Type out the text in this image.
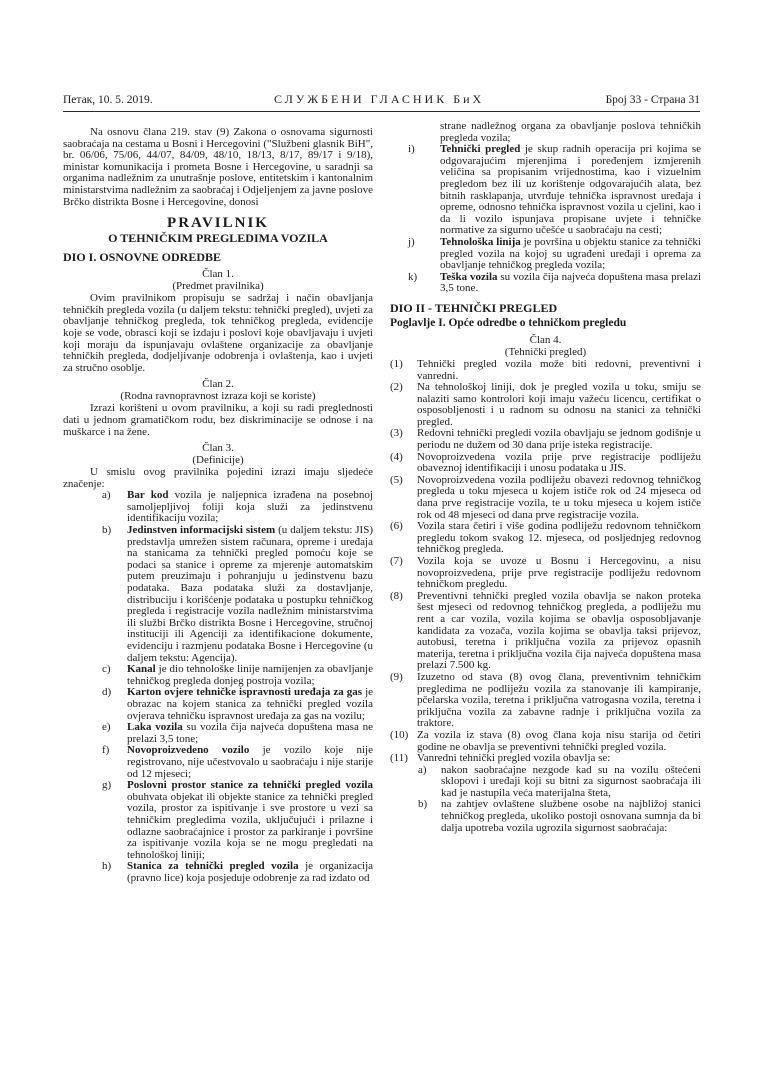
Петак, 10. 5. 2019.	СЛУЖБЕНИ ГЛАСНИК БиХ	Број 33 - Страна 31

Na osnovu člana 219. stav (9) Zakona o osnovama sigurnosti saobraćaja na cestama u Bosni i Hercegovini ("Službeni glasnik BiH", br. 06/06, 75/06, 44/07, 84/09, 48/10, 18/13, 8/17, 89/17 i 9/18), ministar komunikacija i prometa Bosne i Hercegovine, u saradnji sa organima nadležnim za unutrašnje poslove, entitetskim i kantonalnim ministarstvima nadležnim za saobraćaj i Odjeljenjem za javne poslove Brčko distrikta Bosne i Hercegovine, donosi

PRAVILNIK

O TEHNIČKIM PREGLEDIMA VOZILA

DIO I. OSNOVNE ODREDBE

Član 1.
(Predmet pravilnika)

Ovim pravilnikom propisuju se sadržaj i način obavljanja tehničkih pregleda vozila (u daljem tekstu: tehnički pregled), uvjeti za obavljanje tehničkog pregleda, tok tehničkog pregleda, evidencije koje se vode, obrasci koji se izdaju i poslovi koje obavljavaju i uvjeti koji moraju da ispunjavaju ovlaštene organizacije za obavljanje tehničkih pregleda, dodjeljivanje odobrenja i ovlaštenja, kao i uvjeti za stručno osoblje.

Član 2.
(Rodna ravnopravnost izraza koji se koriste)

Izrazi korišteni u ovom pravilniku, a koji su radi preglednosti dati u jednom gramatičkom rodu, bez diskriminacije se odnose i na muškarce i na žene.

Član 3.
(Definicije)

U smislu ovog pravilnika pojedini izrazi imaju sljedeće značenje:

a) Bar kod vozila je naljepnica izrađena na posebnoj samoljepljivoj foliji koja služi za jedinstvenu identifikaciju vozila;
b) Jedinstven informacijski sistem (u daljem tekstu: JIS) predstavlja umrežen sistem računara, opreme i uređaja na stanicama za tehnički pregled pomoću koje se podaci sa stanice i opreme za mjerenje automatskim putem preuzimaju i pohranjuju u jedinstvenu bazu podataka. Baza podataka služi za dostavljanje, distribuciju i korišćenje podataka u postupku tehničkog pregleda i registracije vozila nadležnim ministarstvima ili službi Brčko distrikta Bosne i Hercegovine, stručnoj instituciji ili Agenciji za identifikacione dokumente, evidenciju i razmjenu podataka Bosne i Hercegovine (u daljem tekstu: Agencija).
c) Kanal je dio tehnološke linije namijenjen za obavljanje tehničkog pregleda donjeg postroja vozila;
d) Karton ovjere tehničke ispravnosti uređaja za gas je obrazac na kojem stanica za tehnički pregled vozila ovjerava tehničku ispravnost uređaja za gas na vozilu;
e) Laka vozila su vozila čija najveća dopuštena masa ne prelazi 3,5 tone;
f) Novoproizvedeno vozilo je vozilo koje nije registrovano, nije učestvovalo u saobraćaju i nije starije od 12 mjeseci;
g) Poslovni prostor stanice za tehnički pregled vozila obuhvata objekat ili objekte stanice za tehnički pregled vozila, prostor za ispitivanje i sve prostore u vezi sa tehničkim pregledima vozila, uključujući i prilazne i odlazne saobraćajnice i prostor za parkiranje i površine za ispitivanje vozila koja se ne mogu pregledati na tehnološkoj liniji;
h) Stanica za tehnički pregled vozila je organizacija (pravno lice) koja posjeduje odobrenje za rad izdato od

strane nadležnog organa za obavljanje poslova tehničkih pregleda vozila;

i) Tehnički pregled je skup radnih operacija pri kojima se odgovarajućim mjerenjima i poređenjem izmjerenih veličina sa propisanim vrijednostima, kao i vizuelnim pregledom bez ili uz korištenje odgovarajućih alata, bez bitnih rasklapanja, utvrđuje tehnička ispravnost uređaja i opreme, odnosno tehnička ispravnost vozila u cjelini, kao i da li vozilo ispunjava propisane uvjete i tehničke normative za sigurno učešće u saobraćaju na cesti;
j) Tehnološka linija je površina u objektu stanice za tehnički pregled vozila na kojoj su ugrađeni uređaji i oprema za obavljanje tehničkog pregleda vozila;
k) Teška vozila su vozila čija najveća dopuštena masa prelazi 3,5 tone.

DIO II - TEHNIČKI PREGLED

Poglavlje I. Opće odredbe o tehničkom pregledu

Član 4.
(Tehnički pregled)
(1) Tehnički pregled vozila može biti redovni, preventivni i vanredni.
(2) Na tehnološkoj liniji, dok je pregled vozila u toku, smiju se nalaziti samo kontrolori koji imaju važeću licencu, certifikat o osposobljenosti i u radnom su odnosu na stanici za tehnički pregled.
(3) Redovni tehnički pregledi vozila obavljaju se jednom godišnje u periodu ne dužem od 30 dana prije isteka registracije.
(4) Novoproizvedena vozila prije prve registracije podliježu obaveznoj identifikaciji i unosu podataka u JIS.
(5) Novoproizvedena vozila podliježu obavezi redovnog tehničkog pregleda u toku mjeseca u kojem ističe rok od 24 mjeseca od dana prve registracije vozila, te u toku mjeseca u kojem ističe rok od 48 mjeseci od dana prve registracije vozila.
(6) Vozila stara četiri i više godina podliježu redovnom tehničkom pregledu tokom svakog 12. mjeseca, od posljednjeg redovnog tehničkog pregleda.
(7) Vozila koja se uvoze u Bosnu i Hercegovinu, a nisu novoproizvedena, prije prve registracije podliježu redovnom tehničkom pregledu.
(8) Preventivni tehnički pregled vozila obavlja se nakon proteka šest mjeseci od redovnog tehničkog pregleda, a podliježu mu rent a car vozila, vozila kojima se obavlja osposobljavanje kandidata za vozača, vozila kojima se obavlja taksi prijevoz, autobusi, teretna i priključna vozila za prijevoz opasnih materija, teretna i priključna vozila čija najveća dopuštena masa prelazi 7.500 kg.
(9) Izuzetno od stava (8) ovog člana, preventivnim tehničkim pregledima ne podliježu vozila za stanovanje ili kampiranje, pčelarska vozila, teretna i priključna vatrogasna vozila, teretna i priključna vozila za zabavne radnje i priključna vozila za traktore.
(10) Za vozila iz stava (8) ovog člana koja nisu starija od četiri godine ne obavlja se preventivni tehnički pregled vozila.
(11) Vanredni tehnički pregled vozila obavlja se:
a) nakon saobraćajne nezgode kad su na vozilu oštećeni sklopovi i uređaji koji su bitni za sigurnost saobraćaja ili kad je nastupila veća materijalna šteta,
b) na zahtjev ovlaštene službene osobe na najbližoj stanici tehničkog pregleda, ukoliko postoji osnovana sumnja da bi dalja upotreba vozila ugrozila sigurnost saobraćaja:
